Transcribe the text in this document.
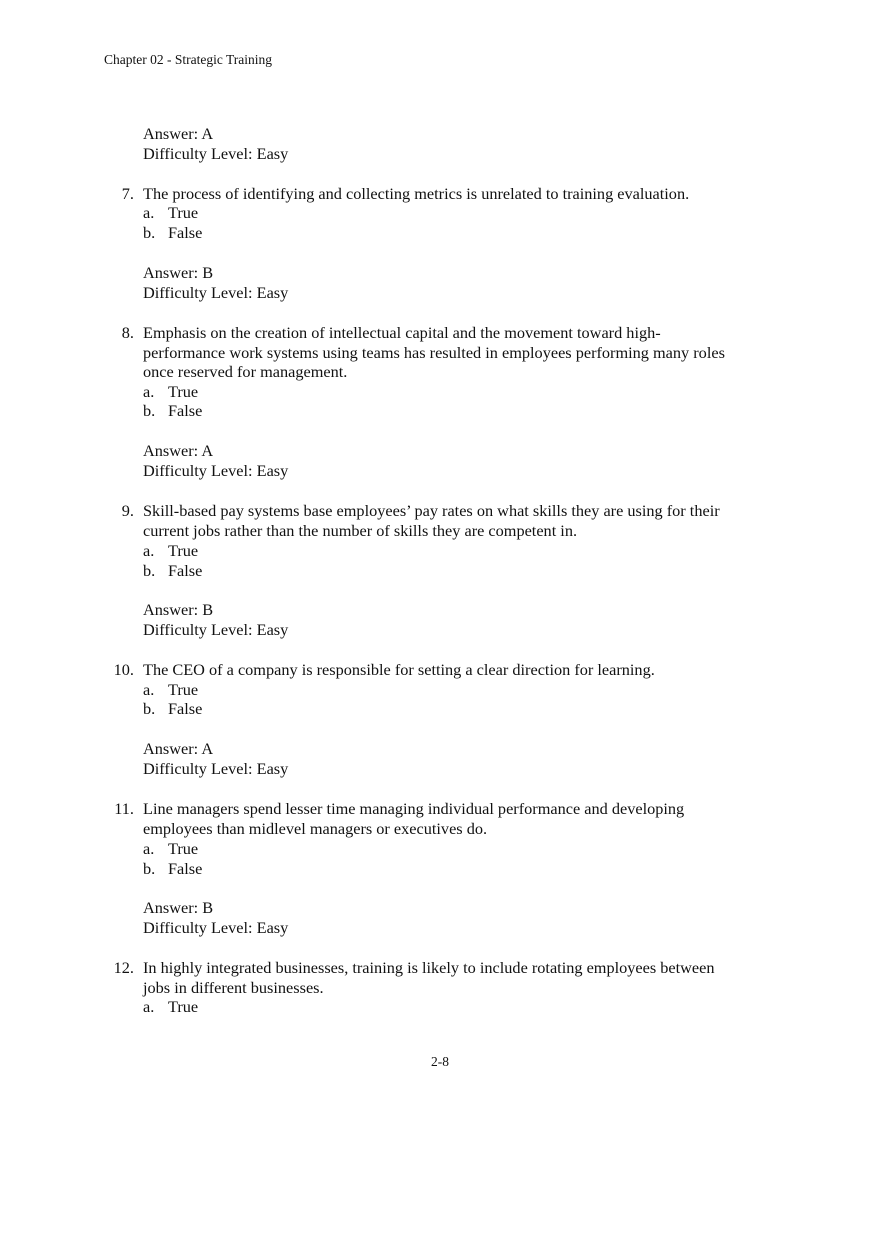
Chapter 02 - Strategic Training
Answer: A
Difficulty Level: Easy
7. The process of identifying and collecting metrics is unrelated to training evaluation.
a. True
b. False
Answer: B
Difficulty Level: Easy
8. Emphasis on the creation of intellectual capital and the movement toward high-
performance work systems using teams has resulted in employees performing many roles
once reserved for management.
a. True
b. False
Answer: A
Difficulty Level: Easy
9. Skill-based pay systems base employees’ pay rates on what skills they are using for their
current jobs rather than the number of skills they are competent in.
a. True
b. False
Answer: B
Difficulty Level: Easy
10. The CEO of a company is responsible for setting a clear direction for learning.
a. True
b. False
Answer: A
Difficulty Level: Easy
11. Line managers spend lesser time managing individual performance and developing
employees than midlevel managers or executives do.
a. True
b. False
Answer: B
Difficulty Level: Easy
12. In highly integrated businesses, training is likely to include rotating employees between
jobs in different businesses.
a. True
2-8
